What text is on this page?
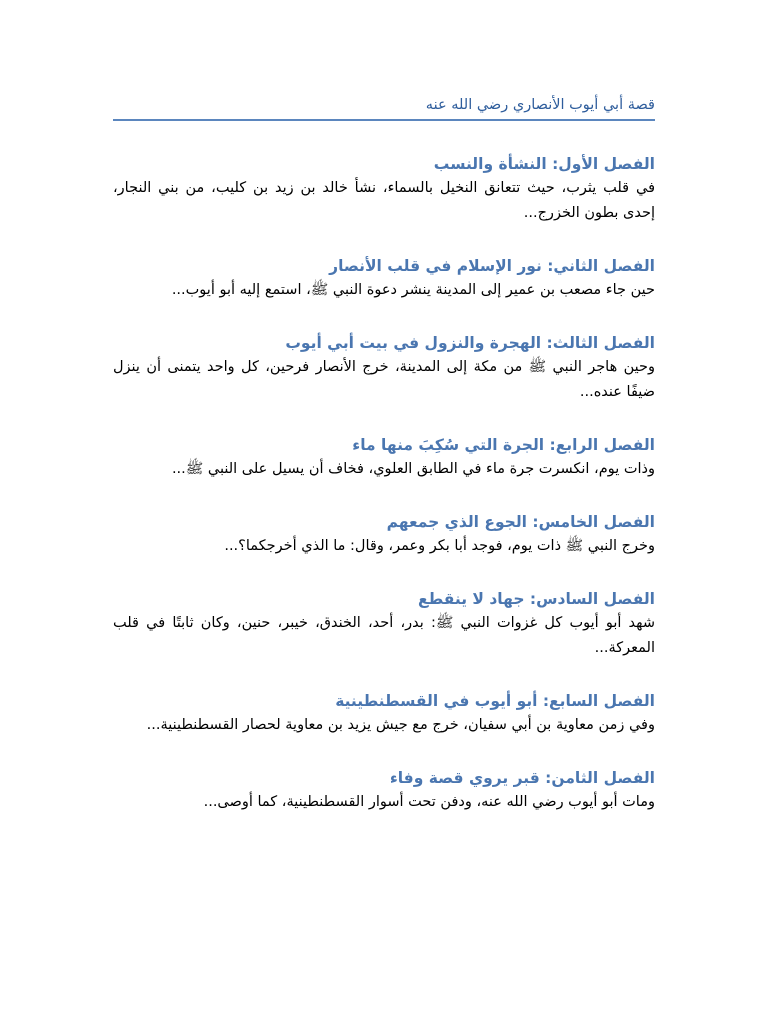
قصة أبي أيوب الأنصاري رضي الله عنه
الفصل الأول: النشأة والنسب

في قلب يثرب، حيث تتعانق النخيل بالسماء، نشأ خالد بن زيد بن كليب، من بني النجار، إحدى بطون الخزرج...

الفصل الثاني: نور الإسلام في قلب الأنصار

حين جاء مصعب بن عمير إلى المدينة ينشر دعوة النبي ﷺ، استمع إليه أبو أيوب...

الفصل الثالث: الهجرة والنزول في بيت أبي أيوب

وحين هاجر النبي ﷺ من مكة إلى المدينة، خرج الأنصار فرحين، كل واحد يتمنى أن ينزل ضيفًا عنده...

الفصل الرابع: الجرة التي سُكِبَ منها ماء

وذات يوم، انكسرت جرة ماء في الطابق العلوي، فخاف أن يسيل على النبي ﷺ...

الفصل الخامس: الجوع الذي جمعهم

وخرج النبي ﷺ ذات يوم، فوجد أبا بكر وعمر، وقال: ما الذي أخرجكما؟...

الفصل السادس: جهاد لا ينقطع

شهد أبو أيوب كل غزوات النبي ﷺ: بدر، أحد، الخندق، خيبر، حنين، وكان ثابتًا في قلب المعركة...

الفصل السابع: أبو أيوب في القسطنطينية

وفي زمن معاوية بن أبي سفيان، خرج مع جيش يزيد بن معاوية لحصار القسطنطينية...

الفصل الثامن: قبر يروي قصة وفاء

ومات أبو أيوب رضي الله عنه، ودفن تحت أسوار القسطنطينية، كما أوصى...
